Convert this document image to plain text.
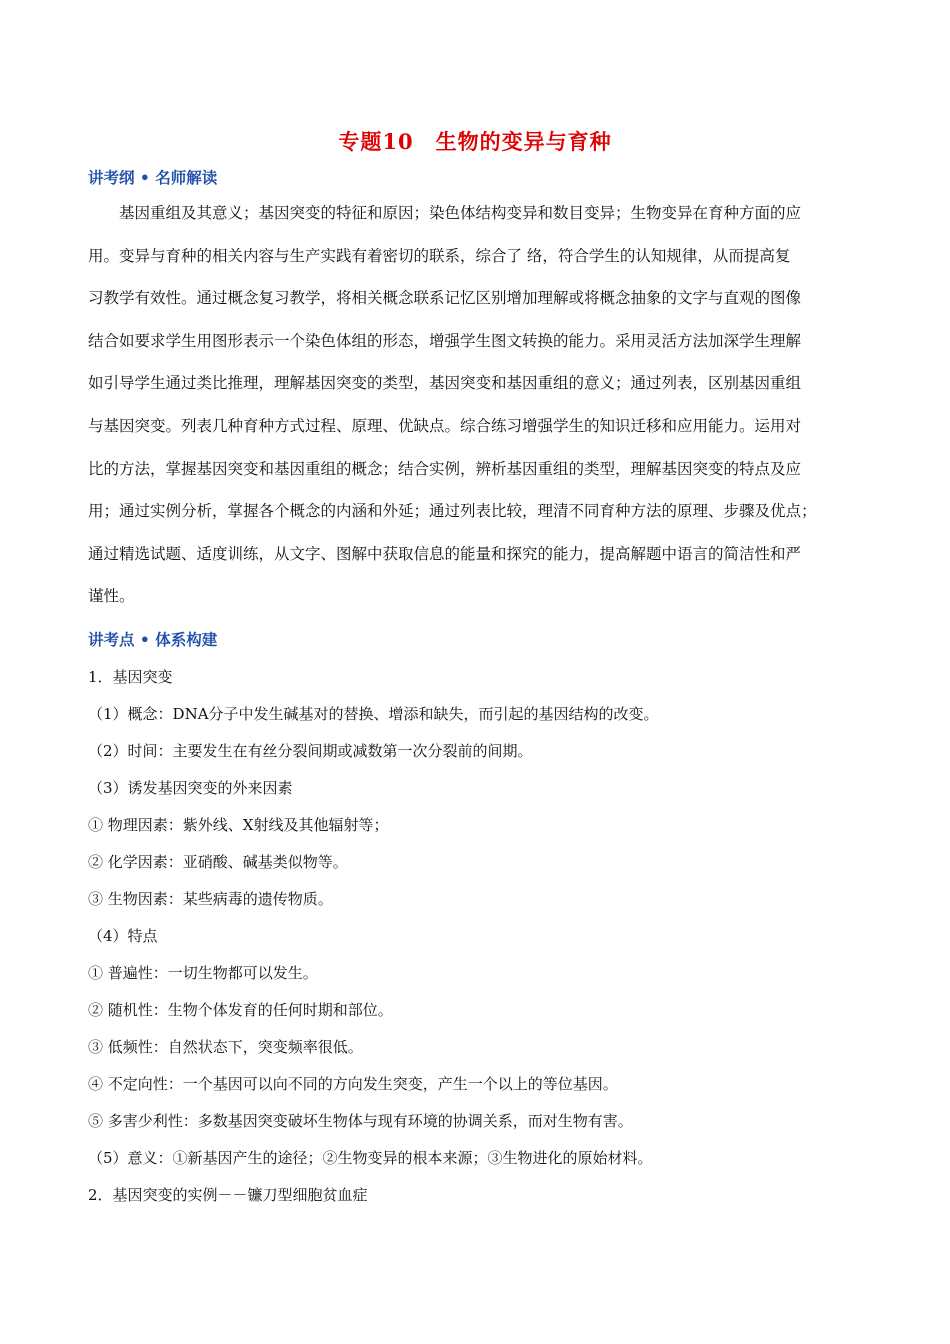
专题10　生物的变异与育种
讲考纲 • 名师解读
基因重组及其意义；基因突变的特征和原因；染色体结构变异和数目变异；生物变异在育种方面的应
用。变异与育种的相关内容与生产实践有着密切的联系，综合了 络，符合学生的认知规律，从而提高复
习教学有效性。通过概念复习教学，将相关概念联系记忆区别增加理解或将概念抽象的文字与直观的图像
结合如要求学生用图形表示一个染色体组的形态，增强学生图文转换的能力。采用灵活方法加深学生理解
如引导学生通过类比推理，理解基因突变的类型，基因突变和基因重组的意义；通过列表，区别基因重组
与基因突变。列表几种育种方式过程、原理、优缺点。综合练习增强学生的知识迁移和应用能力。运用对
比的方法，掌握基因突变和基因重组的概念；结合实例，辨析基因重组的类型，理解基因突变的特点及应
用；通过实例分析，掌握各个概念的内涵和外延；通过列表比较，理清不同育种方法的原理、步骤及优点；
通过精选试题、适度训练，从文字、图解中获取信息的能量和探究的能力，提高解题中语言的简洁性和严
谨性。
讲考点 • 体系构建
1．基因突变
（1）概念：DNA分子中发生碱基对的替换、增添和缺失，而引起的基因结构的改变。
（2）时间：主要发生在有丝分裂间期或减数第一次分裂前的间期。
（3）诱发基因突变的外来因素
① 物理因素：紫外线、X射线及其他辐射等；
② 化学因素：亚硝酸、碱基类似物等。
③ 生物因素：某些病毒的遗传物质。
（4）特点
① 普遍性：一切生物都可以发生。
② 随机性：生物个体发育的任何时期和部位。
③ 低频性：自然状态下，突变频率很低。
④ 不定向性：一个基因可以向不同的方向发生突变，产生一个以上的等位基因。
⑤ 多害少利性：多数基因突变破坏生物体与现有环境的协调关系，而对生物有害。
（5）意义：①新基因产生的途径；②生物变异的根本来源；③生物进化的原始材料。
2．基因突变的实例－－镰刀型细胞贫血症
